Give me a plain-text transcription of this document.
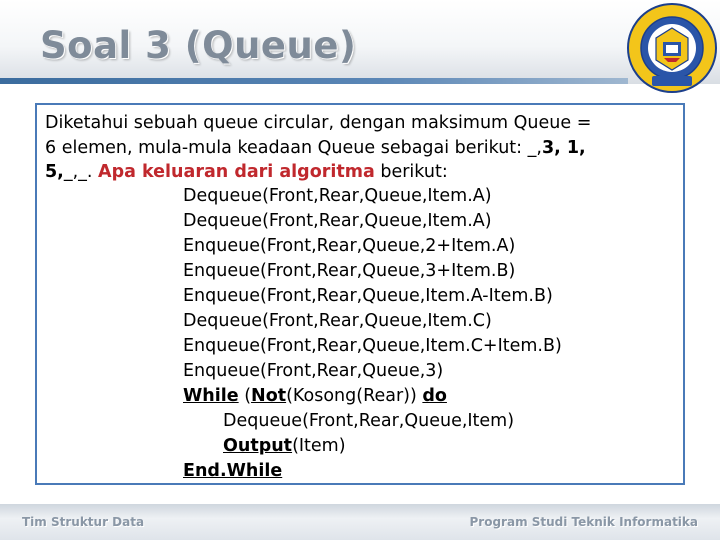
Soal 3 (Queue)
Diketahui sebuah queue circular, dengan maksimum Queue =
6 elemen, mula-mula keadaan Queue sebagai berikut: _,3, 1,
5,_,_. Apa keluaran dari algoritma berikut:

Dequeue(Front,Rear,Queue,Item.A)

Dequeue(Front,Rear,Queue,Item.A)

Enqueue(Front,Rear,Queue,2+Item.A)

Enqueue(Front,Rear,Queue,3+Item.B)

Enqueue(Front,Rear,Queue,Item.A-Item.B)

Dequeue(Front,Rear,Queue,Item.C)

Enqueue(Front,Rear,Queue,Item.C+Item.B)

Enqueue(Front,Rear,Queue,3)

While (Not(Kosong(Rear)) do

Dequeue(Front,Rear,Queue,Item)

Output(Item)

End.While

Tim Struktur Data	Program Studi Teknik Informatika
